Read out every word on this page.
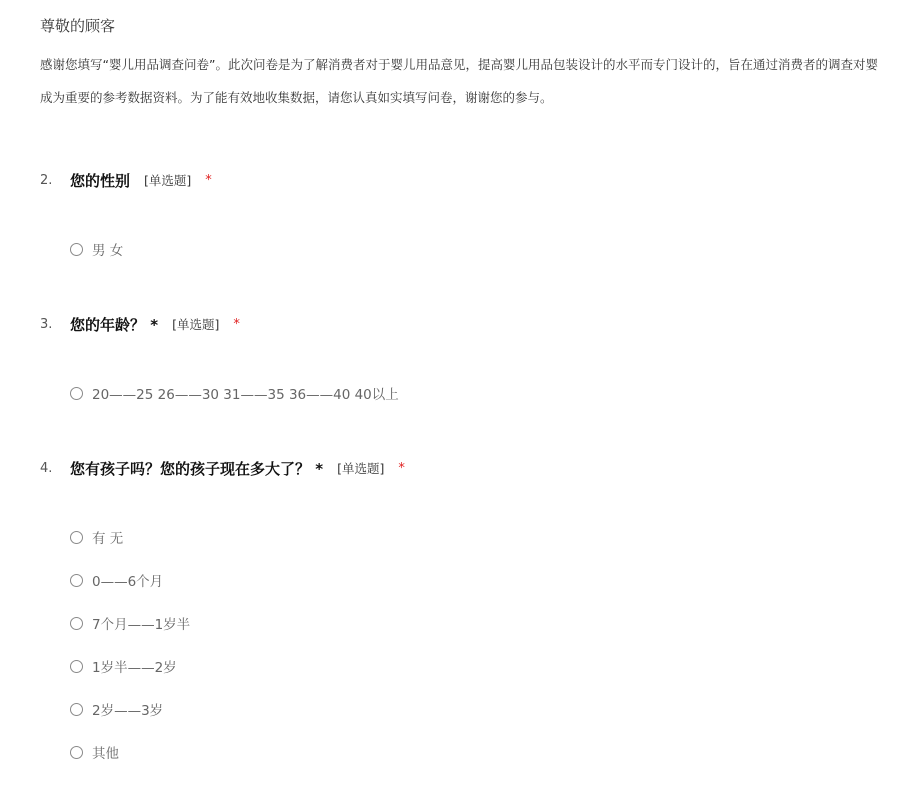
尊敬的顾客
感谢您填写“婴儿用品调查问卷”。此次问卷是为了解消费者对于婴儿用品意见，提高婴儿用品包装设计的水平而专门设计的，旨在通过消费者的调查对婴
成为重要的参考数据资料。为了能有效地收集数据，请您认真如实填写问卷，谢谢您的参与。
2.	您的性别 [单选题] *
男 女
3.	您的年龄？ * [单选题] *
20——25 26——30 31——35 36——40 40以上
4.	您有孩子吗？您的孩子现在多大了？ * [单选题] *
有 无
0——6个月
7个月——1岁半
1岁半——2岁
2岁——3岁
其他
